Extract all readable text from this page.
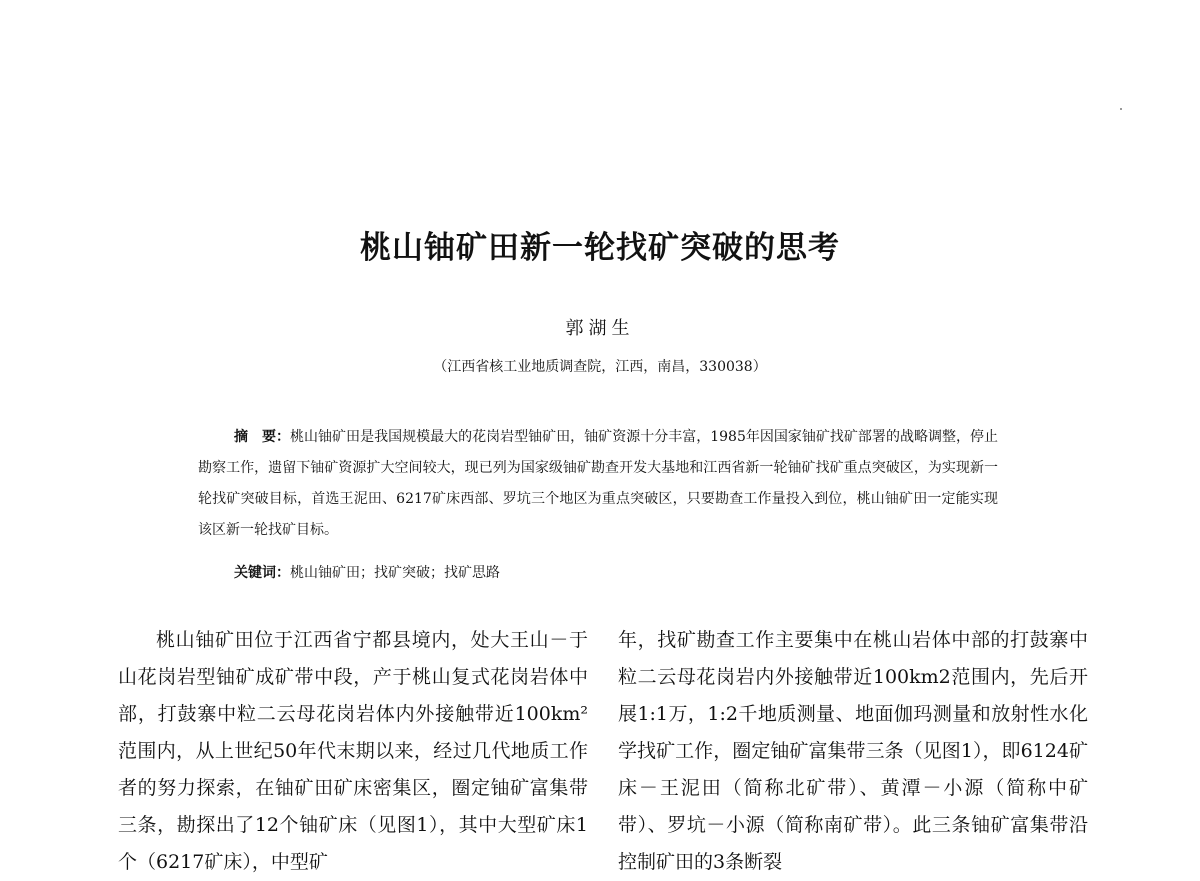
桃山铀矿田新一轮找矿突破的思考
郭湖生
（江西省核工业地质调查院，江西，南昌，330038）

摘　要：桃山铀矿田是我国规模最大的花岗岩型铀矿田，铀矿资源十分丰富，1985年因国家铀矿找矿部署的战略调整，停止勘察工作，遗留下铀矿资源扩大空间较大，现已列为国家级铀矿勘查开发大基地和江西省新一轮铀矿找矿重点突破区，为实现新一轮找矿突破目标，首选王泥田、6217矿床西部、罗坑三个地区为重点突破区，只要勘查工作量投入到位，桃山铀矿田一定能实现该区新一轮找矿目标。

关键词：桃山铀矿田；找矿突破；找矿思路

桃山铀矿田位于江西省宁都县境内，处大王山－于山花岗岩型铀矿成矿带中段，产于桃山复式花岗岩体中部，打鼓寨中粒二云母花岗岩体内外接触带近100km²范围内，从上世纪50年代末期以来，经过几代地质工作者的努力探索，在铀矿田矿床密集区，圈定铀矿富集带三条，勘探出了12个铀矿床（见图1），其中大型矿床1个（6217矿床），中型矿

年，找矿勘查工作主要集中在桃山岩体中部的打鼓寨中粒二云母花岗岩内外接触带近100km2范围内，先后开展1:1万，1:2千地质测量、地面伽玛测量和放射性水化学找矿工作，圈定铀矿富集带三条（见图1），即6124矿床－王泥田（简称北矿带）、黄潭－小源（简称中矿带）、罗坑－小源（简称南矿带）。此三条铀矿富集带沿控制矿田的3条断裂
